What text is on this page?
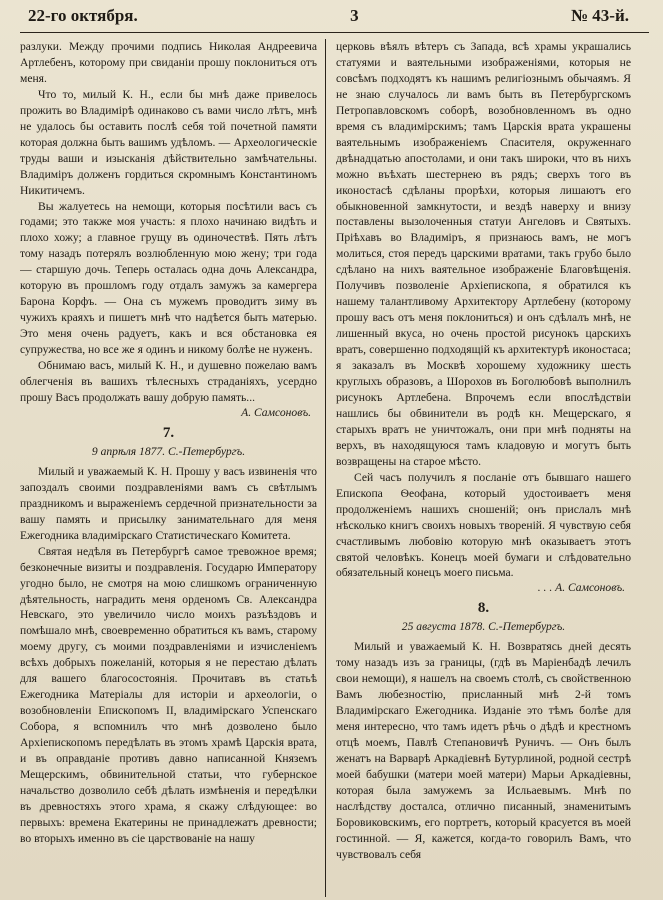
22-го октября.	3	№ 43-й.

разлуки. Между прочими подпись Николая Андреевича Артлебенъ, которому при свиданіи прошу поклониться отъ меня.

Что то, милый К. Н., если бы мнѣ даже привелось прожить во Владимірѣ одинаково съ вами число лѣтъ, мнѣ не удалось бы оставить послѣ себя той почетной памяти которая должна быть вашимъ удѣломъ. — Археологическіе труды ваши и изысканія дѣйствительно замѣчательны. Владиміръ долженъ гордиться скромнымъ Константиномъ Никитичемъ.

Вы жалуетесь на немощи, которыя посѣтили васъ съ годами; это также моя участь: я плохо начинаю видѣть и плохо хожу; а главное грущу въ одиночествѣ. Пять лѣтъ тому назадъ потерялъ возлюбленную мою жену; три года — старшую дочь. Теперь осталась одна дочь Александра, которую въ прошломъ году отдалъ замужъ за камергера Барона Корфъ. — Она съ мужемъ проводитъ зиму въ чужихъ краяхъ и пишетъ мнѣ что надѣется быть матерью. Это меня очень радуетъ, какъ и вся обстановка ея супружества, но все же я одинъ и никому болѣе не нуженъ.

Обнимаю васъ, милый К. Н., и душевно пожелаю вамъ облегченія въ вашихъ тѣлесныхъ страданіяхъ, усердно прошу Васъ продолжать вашу добрую память...

А. Самсоновъ.
7.
9 апрѣля 1877. С.-Петербургъ.

Милый и уважаемый К. Н. Прошу у васъ извиненія что запоздалъ своими поздравленіями вамъ съ свѣтлымъ праздникомъ и выраженіемъ сердечной признательности за вашу память и присылку занимательнаго для меня Ежегодника владимірскаго Статистическаго Комитета.

Святая недѣля въ Петербургѣ самое тревожное время; безконечные визиты и поздравленія. Государю Императору угодно было, не смотря на мою слишкомъ ограниченную дѣятельность, наградить меня орденомъ Св. Александра Невскаго, это увеличило число моихъ разъѣздовъ и помѣшало мнѣ, своевременно обратиться къ вамъ, старому моему другу, съ моими поздравленіями и изчисленіемъ всѣхъ добрыхъ пожеланій, которыя я не перестаю дѣлать для вашего благосостоянія. Прочитавъ въ статьѣ Ежегодника Матеріалы для исторіи и археологіи, о возобновленіи Епископомъ II, владимірскаго Успенскаго Собора, я вспомнилъ что мнѣ дозволено было Архіепископомъ передѣлать въ этомъ храмѣ Царскія врата, и въ оправданіе противъ давно написанной Княземъ Мещерскимъ, обвинительной статьи, что губернское начальство дозволило себѣ дѣлать измѣненія и передѣлки въ древностяхъ этого храма, я скажу слѣдующее: во первыхъ: времена Екатерины не принадлежатъ древности; во вторыхъ именно въ сіе царствованіе на нашу

церковь вѣялъ вѣтеръ съ Запада, всѣ храмы украшались статуями и ваятельными изображеніями, которыя не совсѣмъ подходятъ къ нашимъ религіознымъ обычаямъ. Я не знаю случалось ли вамъ быть въ Петербургскомъ Петропавловскомъ соборѣ, возобновленномъ въ одно время съ владимірскимъ; тамъ Царскія врата украшены ваятельнымъ изображеніемъ Спасителя, окруженнаго двѣнадцатью апостолами, и они такъ широки, что въ нихъ можно въѣхать шестернею въ рядъ; сверхъ того въ иконостасѣ сдѣланы прорѣхи, которыя лишаютъ его обыкновенной замкнутости, и вездѣ наверху и внизу поставлены вызолоченныя статуи Ангеловъ и Святыхъ. Пріѣхавъ во Владиміръ, я признаюсь вамъ, не могъ молиться, стоя передъ царскими вратами, такъ грубо было сдѣлано на нихъ ваятельное изображеніе Благовѣщенія. Получивъ позволеніе Архіепископа, я обратился къ нашему талантливому Архитектору Артлебену (которому прошу васъ отъ меня поклониться) и онъ сдѣлалъ мнѣ, не лишенный вкуса, но очень простой рисунокъ царскихъ вратъ, совершенно подходящій къ архитектурѣ иконостаса; я заказалъ въ Москвѣ хорошему художнику шесть круглыхъ образовъ, а Шорохов въ Боголюбовѣ выполнилъ рисунокъ Артлебена. Впрочемъ если впослѣдствіи нашлись бы обвинители въ родѣ кн. Мещерскаго, я старыхъ вратъ не уничтожалъ, они при мнѣ подняты на верхъ, въ находящуюся тамъ кладовую и могутъ быть возвращены на старое мѣсто.

Сей часъ получилъ я посланіе отъ бывшаго нашего Епископа Ѳеофана, который удостоиваетъ меня продолженіемъ нашихъ сношеній; онъ прислалъ мнѣ нѣсколько книгъ своихъ новыхъ твореній. Я чувствую себя счастливымъ любовію которую мнѣ оказываетъ этотъ святой человѣкъ. Конецъ моей бумаги и слѣдовательно обязательный конецъ моего письма.

. . . А. Самсоновъ.
8.
25 августа 1878. С.-Петербургъ.

Милый и уважаемый К. Н. Возвратясь дней десять тому назадъ изъ за границы, (гдѣ въ Маріенбадѣ лечилъ свои немощи), я нашелъ на своемъ столѣ, съ свойственною Вамъ любезностію, присланный мнѣ 2-й томъ Владимірскаго Ежегодника. Изданіе это тѣмъ болѣе для меня интересно, что тамъ идетъ рѣчь о дѣдѣ и крестномъ отцѣ моемъ, Павлѣ Степановичѣ Руничъ. — Онъ былъ женатъ на Варварѣ Аркадіевнѣ Бутурлиной, родной сестрѣ моей бабушки (матери моей матери) Марьи Аркадіевны, которая была замужемъ за Исльаевымъ. Мнѣ по наслѣдству досталса, отлично писанный, знаменитымъ Боровиковскимъ, его портретъ, который красуется въ моей гостинной. — Я, кажется, когда-то говорилъ Вамъ, что чувствовалъ себя
